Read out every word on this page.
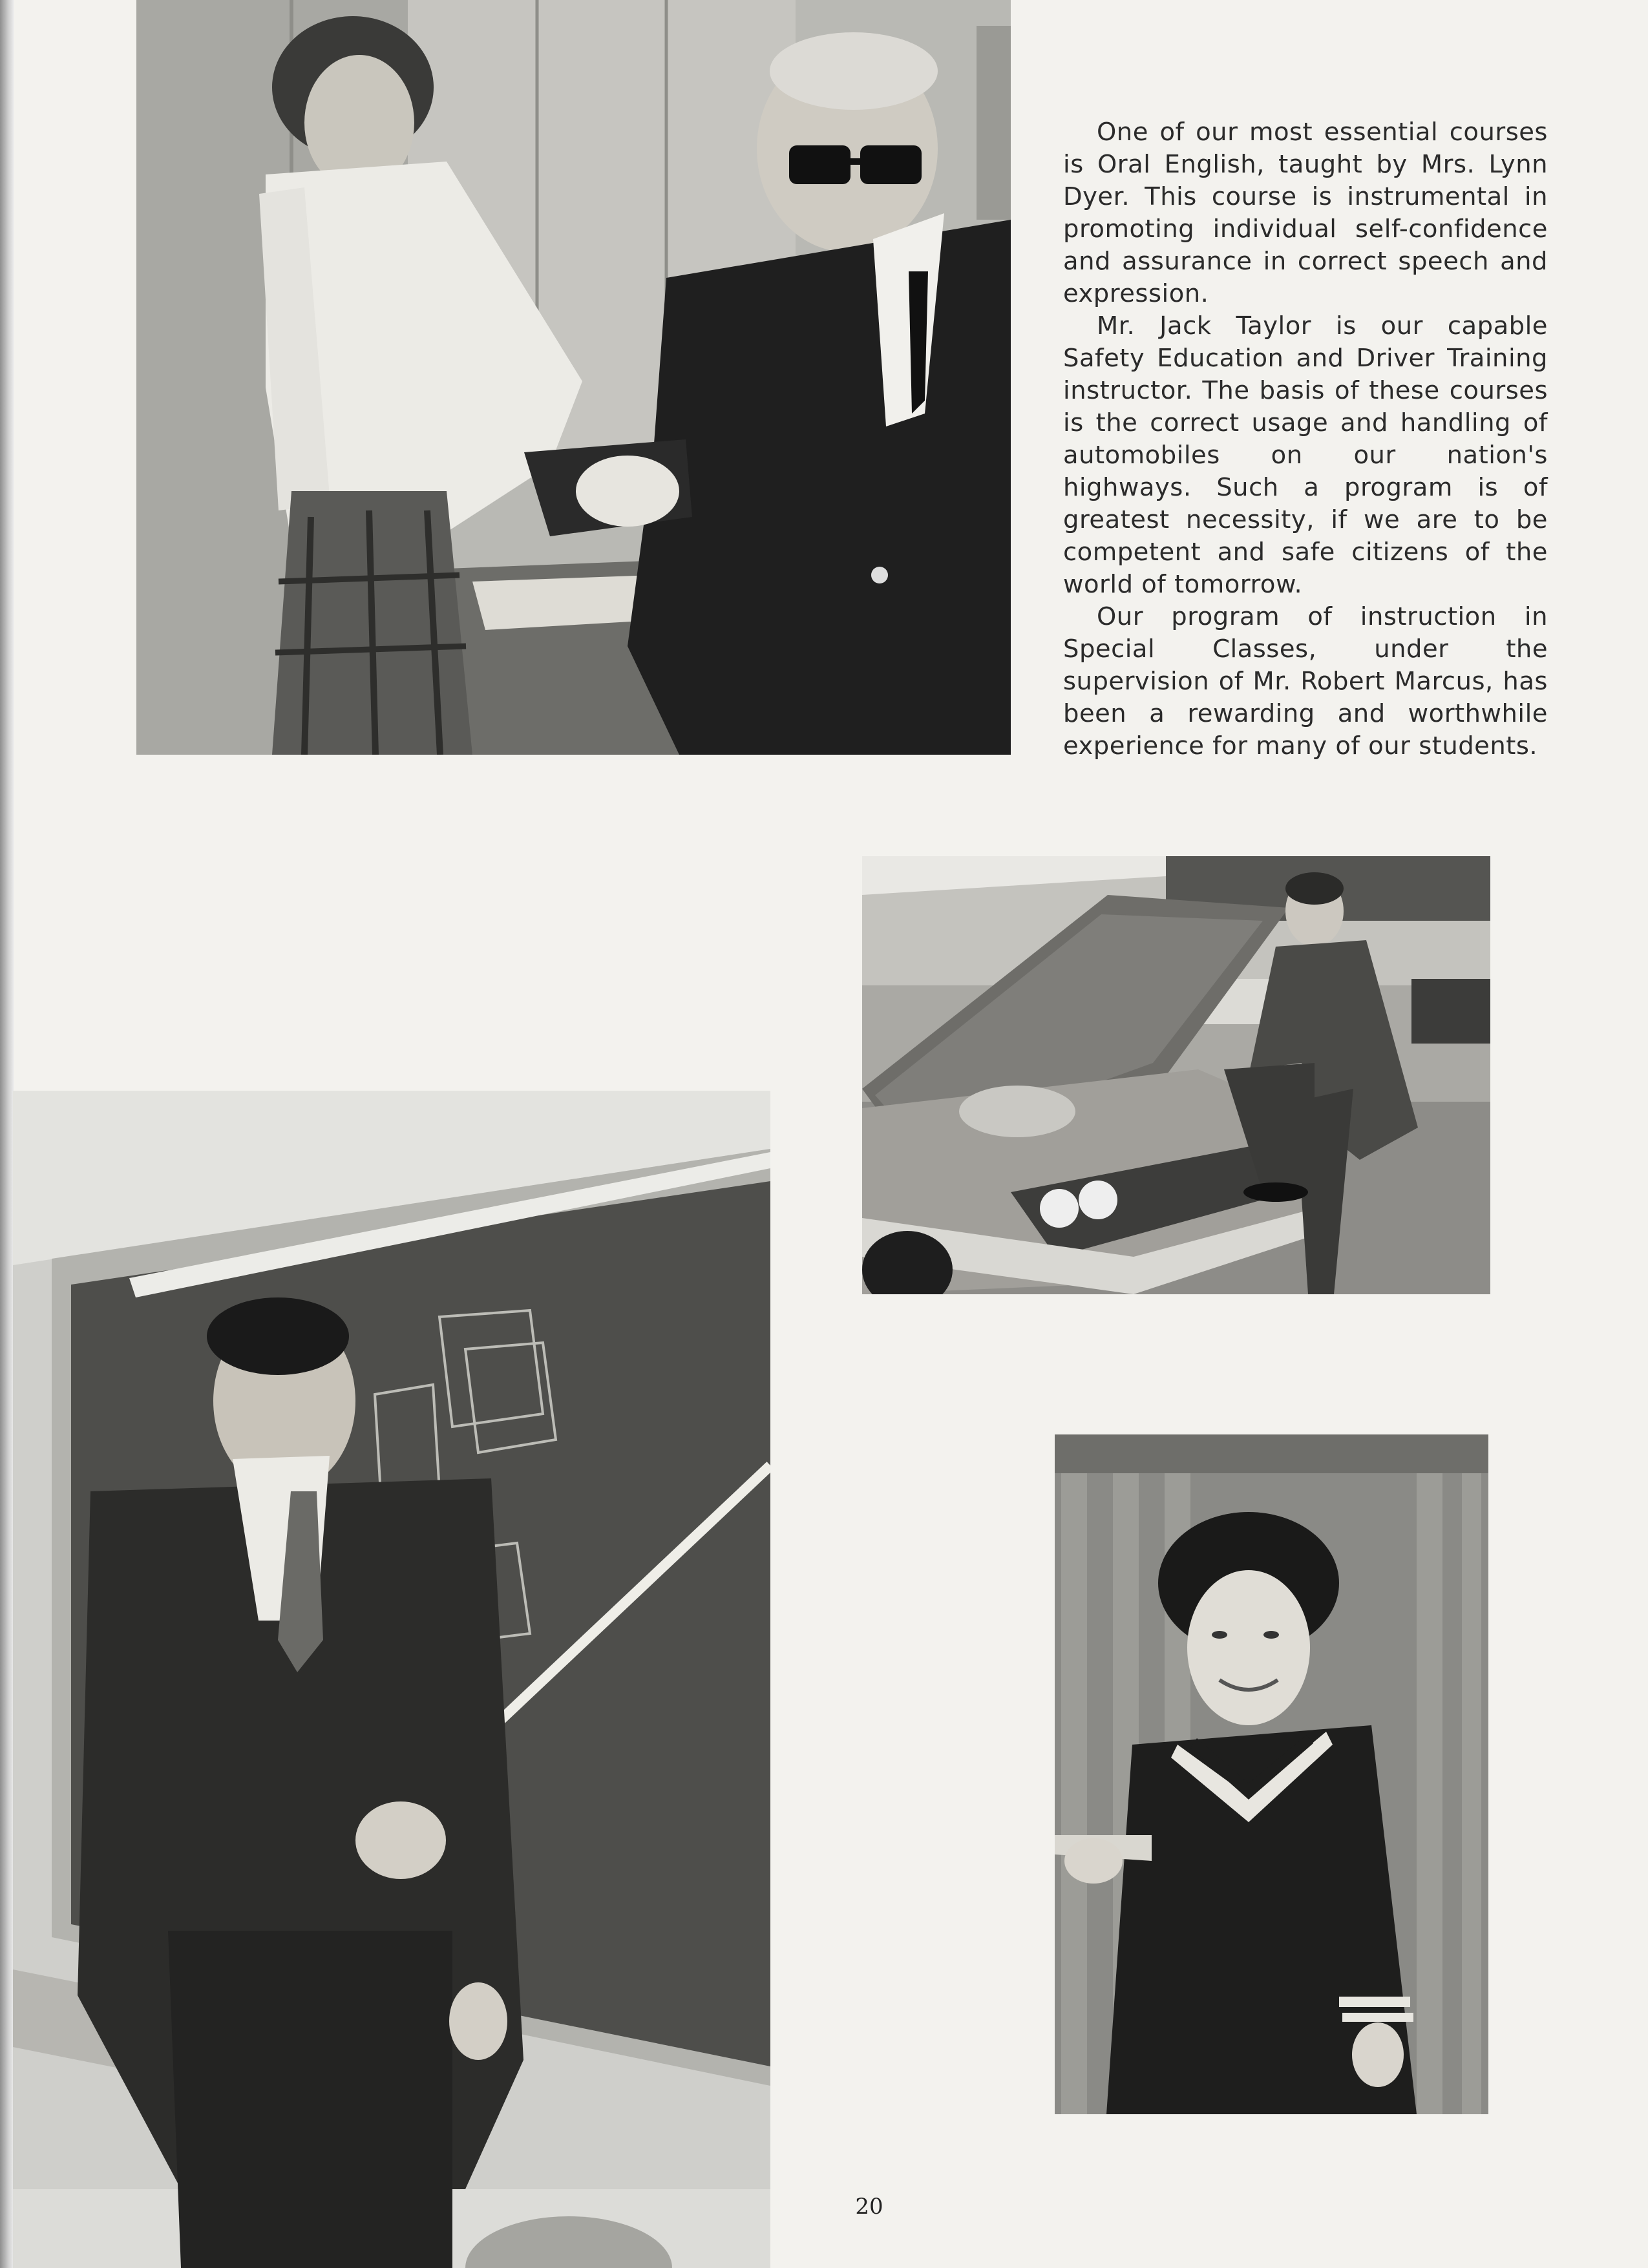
One of our most essential courses is Oral English, taught by Mrs. Lynn Dyer. This course is instrumental in promoting individual self-confidence and assurance in correct speech and expression.

Mr. Jack Taylor is our capable Safety Education and Driver Training instructor. The basis of these courses is the correct usage and handling of automobiles on our nation's highways. Such a program is of greatest necessity, if we are to be competent and safe citizens of the world of tomorrow.

Our program of instruction in Special Classes, under the supervision of Mr. Robert Marcus, has been a rewarding and worthwhile experience for many of our students.

20
